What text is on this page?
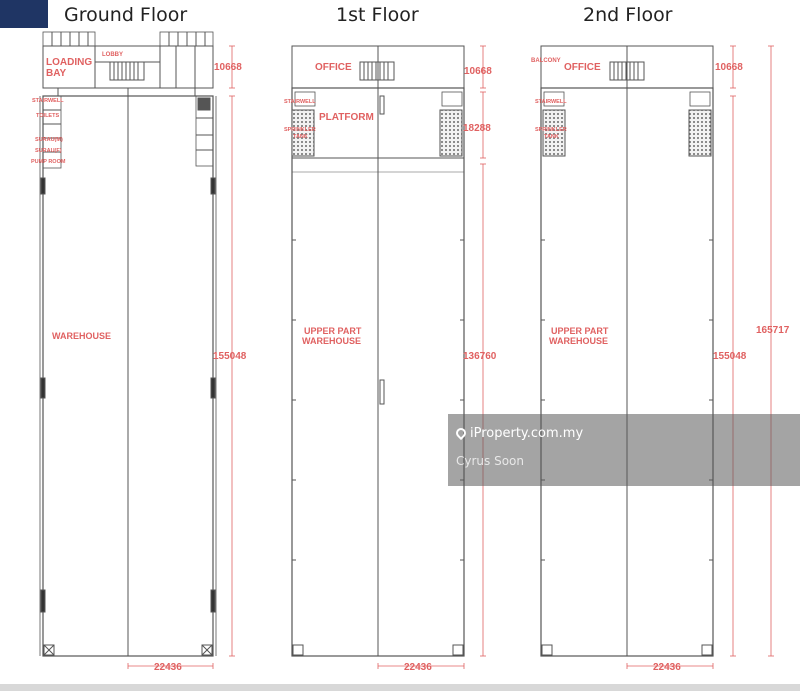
Ground Floor	1st Floor	2nd Floor
LOADING
BAY
LOBBY
STAIRWELL
TOILETS
SURAU(M)
SURAU(F)
PUMP ROOM
WAREHOUSE
10668
155048
22436
OFFICE
STAIRWELL
PLATFORM
SPRINKLER
TANK
UPPER PART
WAREHOUSE
10668
18288
136760
22436
BALCONY
OFFICE
STAIRWELL
SPRINKLER
TANK
UPPER PART
WAREHOUSE
10668
155048
165717
22436
iProperty.com.my
Cyrus Soon
